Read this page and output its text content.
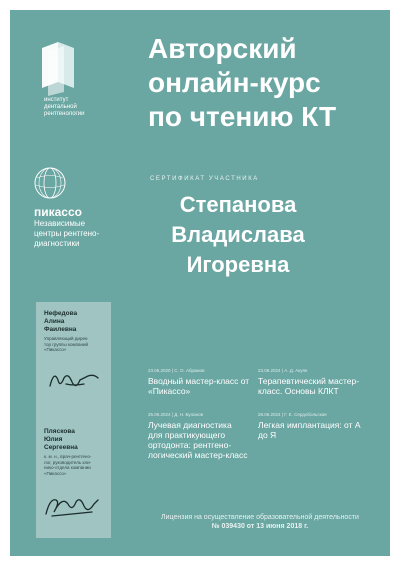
институт
дентальной
рентгенологии
Авторский
онлайн-курс
по чтению КТ
пикассо
Независимые
центры рентгено-
диагностики
СЕРТИФИКАТ УЧАСТНИКА
Степанова
Владислава
Игоревна
Нефедова
Алина
Фаилевна
Управляющий дирек-
тор группы компаний
«Пикассо»
Пляскова
Юлия
Сергеевна
к. м. н., врач-рентгено-
лог, руководитель кли-
нико-отдела компании
«Пикассо»
23.05.2020 | С. О. Абрамов
Вводный мастер-класс от
«Пикассо»
23.06.2024 | А. Д. Акуян
Терапевтический мастер-
класс. Основы КЛКТ
25.06.2024 | Д. Н. Буланов
Лучевая диагностика
для практикующего
ортодонта: рентгено-
логический мастер-класс
28.06.2024 | Г. Е. Сердобольская
Легкая имплантация: от А
до Я
Лицензия на осуществление образовательной деятельности
№ 039430 от 13 июня 2018 г.
